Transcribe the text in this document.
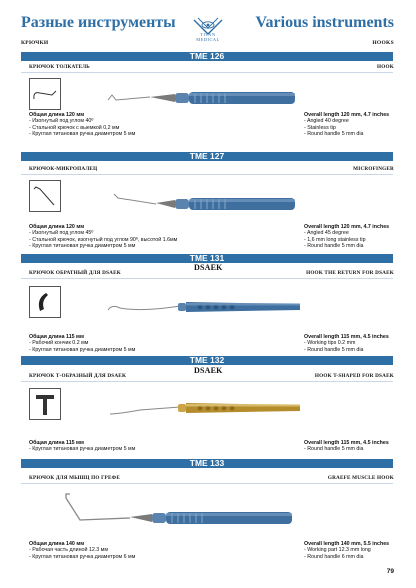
Разные инструменты	Various instruments
КРЮЧКИ	HOOKS
TITAN
MEDICAL
TME 126
КРЮЧОК ТОЛКАТЕЛЬ	HOOK
Общая длина 120 мм
- Изогнутый под углом 40º
- Стальной крючок с выемкой 0,2 мм
- Круглая титановая ручка диаметром 5 мм
Overall length 120 mm, 4.7 inches
- Angled 40 degree
- Stainless tip
- Round handle 5 mm dia
TME 127
КРЮЧОК-МИКРОПАЛЕЦ	MICROFINGER
Общая длина 120 мм
- Изогнутый под углом 45º
- Стальной крючок, изогнутый под углом 90º, высотой 1.6мм
- Круглая титановая ручка диаметром 5 мм
Overall length 120 mm, 4.7 inches
- Angled 45 degree
- 1,6 mm long stainless tip
- Round handle 5 mm dia
TME 131
DSAEK
КРЮЧОК ОБРАТНЫЙ ДЛЯ DSAEK	HOOK THE RETURN FOR DSAEK
Общая длина 115 мм
- Рабочий кончик 0.2 мм
- Круглая титановая ручка диаметром 5 мм
Overall length 115 mm, 4.5 inches
- Working tips 0.2 mm
- Round handle 5 mm dia
TME 132
DSAEK
КРЮЧОК Т-ОБРАЗНЫЙ ДЛЯ DSAEK	HOOK T-SHAPED FOR DSAEK
Общая длина 115 мм
- Круглая титановая ручка диаметром 5 мм
Overall length 115 mm, 4.5 inches
- Round handle 5 mm dia
TME 133
КРЮЧОК ДЛЯ МЫШЦ ПО ГРЕФЕ	GRAEFE MUSCLE HOOK
Общая длина 140 мм
- Рабочая часть длиной 12.3 мм
- Круглая титановая ручка диаметром 6 мм
Overall length 140 mm, 5.5 inches
- Working part 12.3 mm long
- Round handle 6 mm dia
79
